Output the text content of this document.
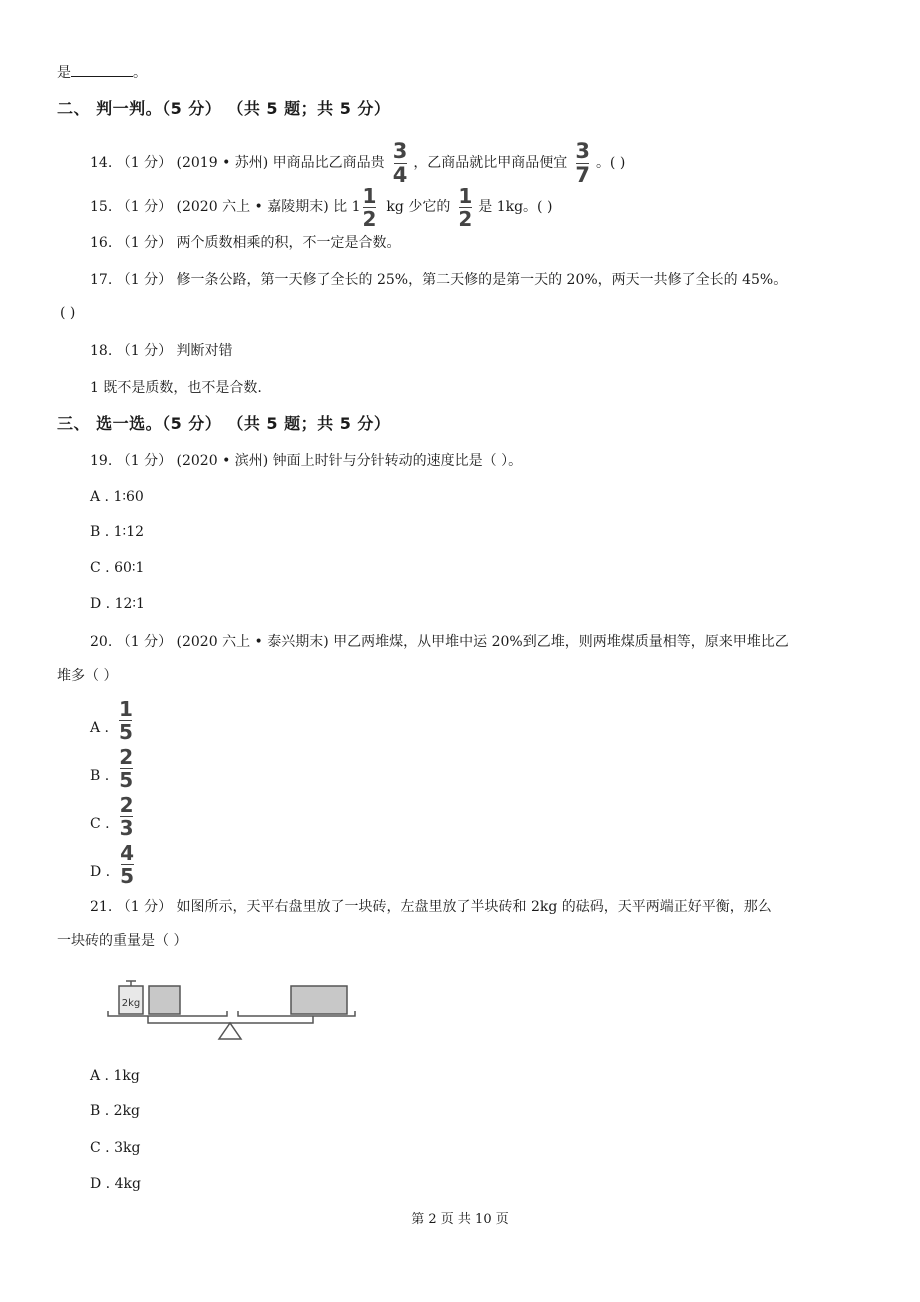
是	。
二、 判一判。（5 分） （共 5 题；共 5 分）
14. （1 分） (2019 • 苏州) 甲商品比乙商品贵 $\frac{3}{4}$ ，乙商品就比甲商品便宜 $\frac{3}{7}$ 。( )
15. （1 分） (2020 六上 • 嘉陵期末) 比 $1 \frac{1}{2}$ kg 少它的 $\frac{1}{2}$ 是 1kg。( )
16. （1 分） 两个质数相乘的积，不一定是合数。
17. （1 分） 修一条公路，第一天修了全长的 25%，第二天修的是第一天的 20%，两天一共修了全长的 45%。
( )
18. （1 分） 判断对错
1 既不是质数，也不是合数.
三、 选一选。（5 分） （共 5 题；共 5 分）
19. （1 分） (2020 • 滨州) 钟面上时针与分针转动的速度比是（ ）。
A . 1∶60
B . 1∶12
C . 60∶1
D . 12∶1
20. （1 分） (2020 六上 • 泰兴期末) 甲乙两堆煤，从甲堆中运 20%到乙堆，则两堆煤质量相等，原来甲堆比乙
堆多（ ）
A . $\frac{1}{5}$
B . $\frac{2}{5}$
C . $\frac{2}{3}$
D . $\frac{4}{5}$
21. （1 分） 如图所示，天平右盘里放了一块砖，左盘里放了半块砖和 2kg 的砝码，天平两端正好平衡，那么
一块砖的重量是（ ）
2kg
A . 1kg
B . 2kg
C . 3kg
D . 4kg
第 2 页 共 10 页
